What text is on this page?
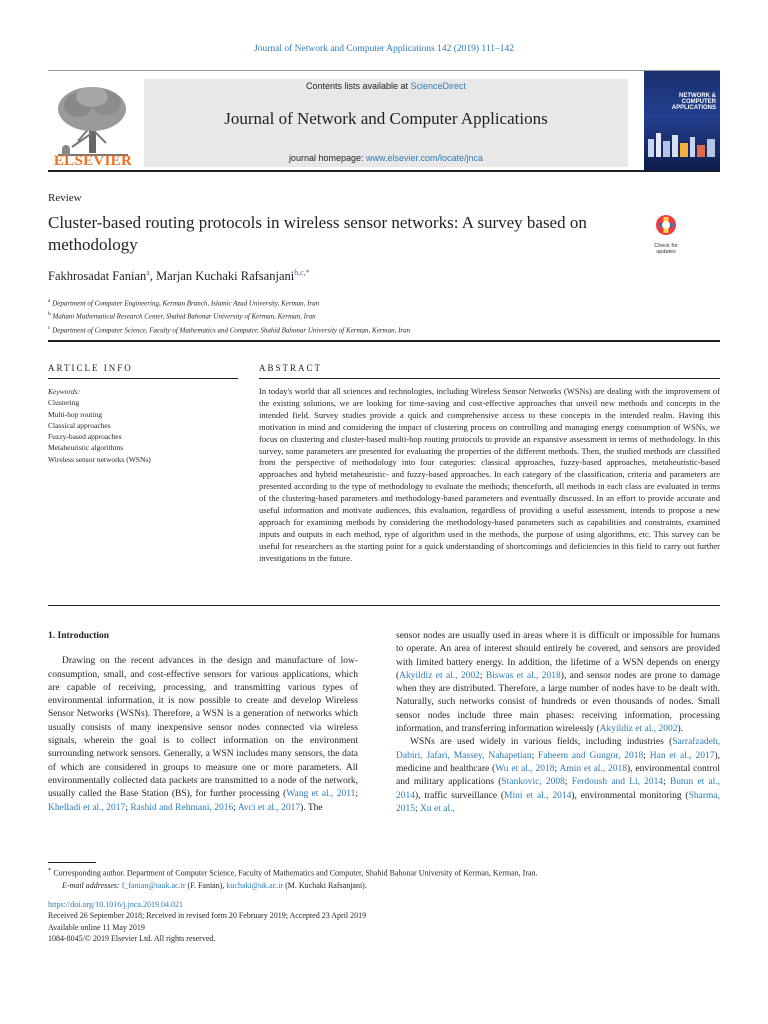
Journal of Network and Computer Applications 142 (2019) 111–142
ELSEVIER
Contents lists available at ScienceDirect
Journal of Network and Computer Applications
journal homepage: www.elsevier.com/locate/jnca
NETWORK &
COMPUTER
APPLICATIONS
Review
Cluster-based routing protocols in wireless sensor networks: A survey based on methodology	Check for
updates
Fakhrosadat Fanian$^a$, Marjan Kuchaki Rafsanjani$^{b,c,*}$
$^a$ Department of Computer Engineering, Kerman Branch, Islamic Azad University, Kerman, Iran
$^b$ Mahani Mathematical Research Center, Shahid Bahonar University of Kerman, Kerman, Iran
$^c$ Department of Computer Science, Faculty of Mathematics and Computer, Shahid Bahonar University of Kerman, Kerman, Iran
ARTICLE INFO	ABSTRACT
Keywords:
Clustering
Multi-hop routing
Classical approaches
Fuzzy-based approaches
Metaheuristic algorithms
Wireless sensor networks (WSNs)
In today's world that all sciences and technologies, including Wireless Sensor Networks (WSNs) are dealing with the improvement of the existing solutions, we are looking for time-saving and cost-effective approaches that unveil new methods and concepts in the intended field. Survey studies provide a quick and comprehensive access to these concepts in the intended realm. Having this motivation in mind and considering the impact of clustering process on controlling and managing energy consumption of WSNs, we focus on clustering and cluster-based multi-hop routing protocols to provide an expansive assessment in terms of methodology. In this survey, some parameters are presented for evaluating the properties of the different methods. Then, the studied methods are classified from the perspective of methodology into four categories: classical approaches, fuzzy-based approaches, metaheuristic-based approaches and hybrid metaheuristic- and fuzzy-based approaches. In each category of the classification, criteria and parameters are presented according to the type of methodology to evaluate the methods; thenceforth, all methods in each class are evaluated in terms of the clustering-based parameters and methodology-based parameters and eventually discussed. In an effort to provide accurate and useful information and motivate audiences, this evaluation, regardless of providing a useful assessment, intends to propose a new approach for examining methods by considering the methodology-based parameters such as capabilities and constraints, examined inputs and outputs in each method, type of algorithm used in the methods, the purpose of using algorithms, etc. This survey can be useful for researchers as the starting point for a quick understanding of shortcomings and deficiencies in this field to carry out further investigations in the future.
1. Introduction
Drawing on the recent advances in the design and manufacture of low-consumption, small, and cost-effective sensors for various applications, which are capable of receiving, processing, and transmitting various types of environmental information, it is now possible to create and develop Wireless Sensor Networks (WSNs). Therefore, a WSN is a generation of networks which usually consists of many inexpensive sensor nodes connected via wireless signals, wherein the goal is to collect information on the environment surrounding network sensors. Generally, a WSN includes many sensors, the data of which are considered in groups to measure one or more parameters. All environmentally collected data packets are transmitted to a node of the network, usually called the Base Station (BS), for further processing (Wang et al., 2011; Khelladi et al., 2017; Rashid and Rehmani, 2016; Avci et al., 2017). The
sensor nodes are usually used in areas where it is difficult or impossible for humans to operate. An area of interest should entirely be covered, and sensors are provided with limited battery energy. In addition, the lifetime of a WSN depends on energy (Akyildiz et al., 2002; Biswas et al., 2018), and sensor nodes are prone to damage when they are distributed. Therefore, a large number of nodes have to be dealt with. Naturally, such networks consist of hundreds or even thousands of nodes. Small sensor nodes include three main phases: receiving information, processing information, and transferring information wirelessly (Akyildiz et al., 2002).
WSNs are used widely in various fields, including industries (Sarrafzadeh, Dabiri, Jafari, Massey, Nahapetian; Faheem and Gungor, 2018; Han et al., 2017), medicine and healthcare (Wu et al., 2018; Amin et al., 2018), environmental control and military applications (Stankovic, 2008; Ferdoush and Li, 2014; Butun et al., 2014), traffic surveillance (Mini et al., 2014), environmental monitoring (Sharma, 2015; Xu et al.,
* Corresponding author. Department of Computer Science, Faculty of Mathematics and Computer, Shahid Bahonar University of Kerman, Kerman, Iran.
E-mail addresses: f_fanian@iauk.ac.ir (F. Fanian), kuchaki@uk.ac.ir (M. Kuchaki Rafsanjani).
https://doi.org/10.1016/j.jnca.2019.04.021
Received 26 September 2018; Received in revised form 20 February 2019; Accepted 23 April 2019
Available online 11 May 2019
1084-8045/© 2019 Elsevier Ltd. All rights reserved.
